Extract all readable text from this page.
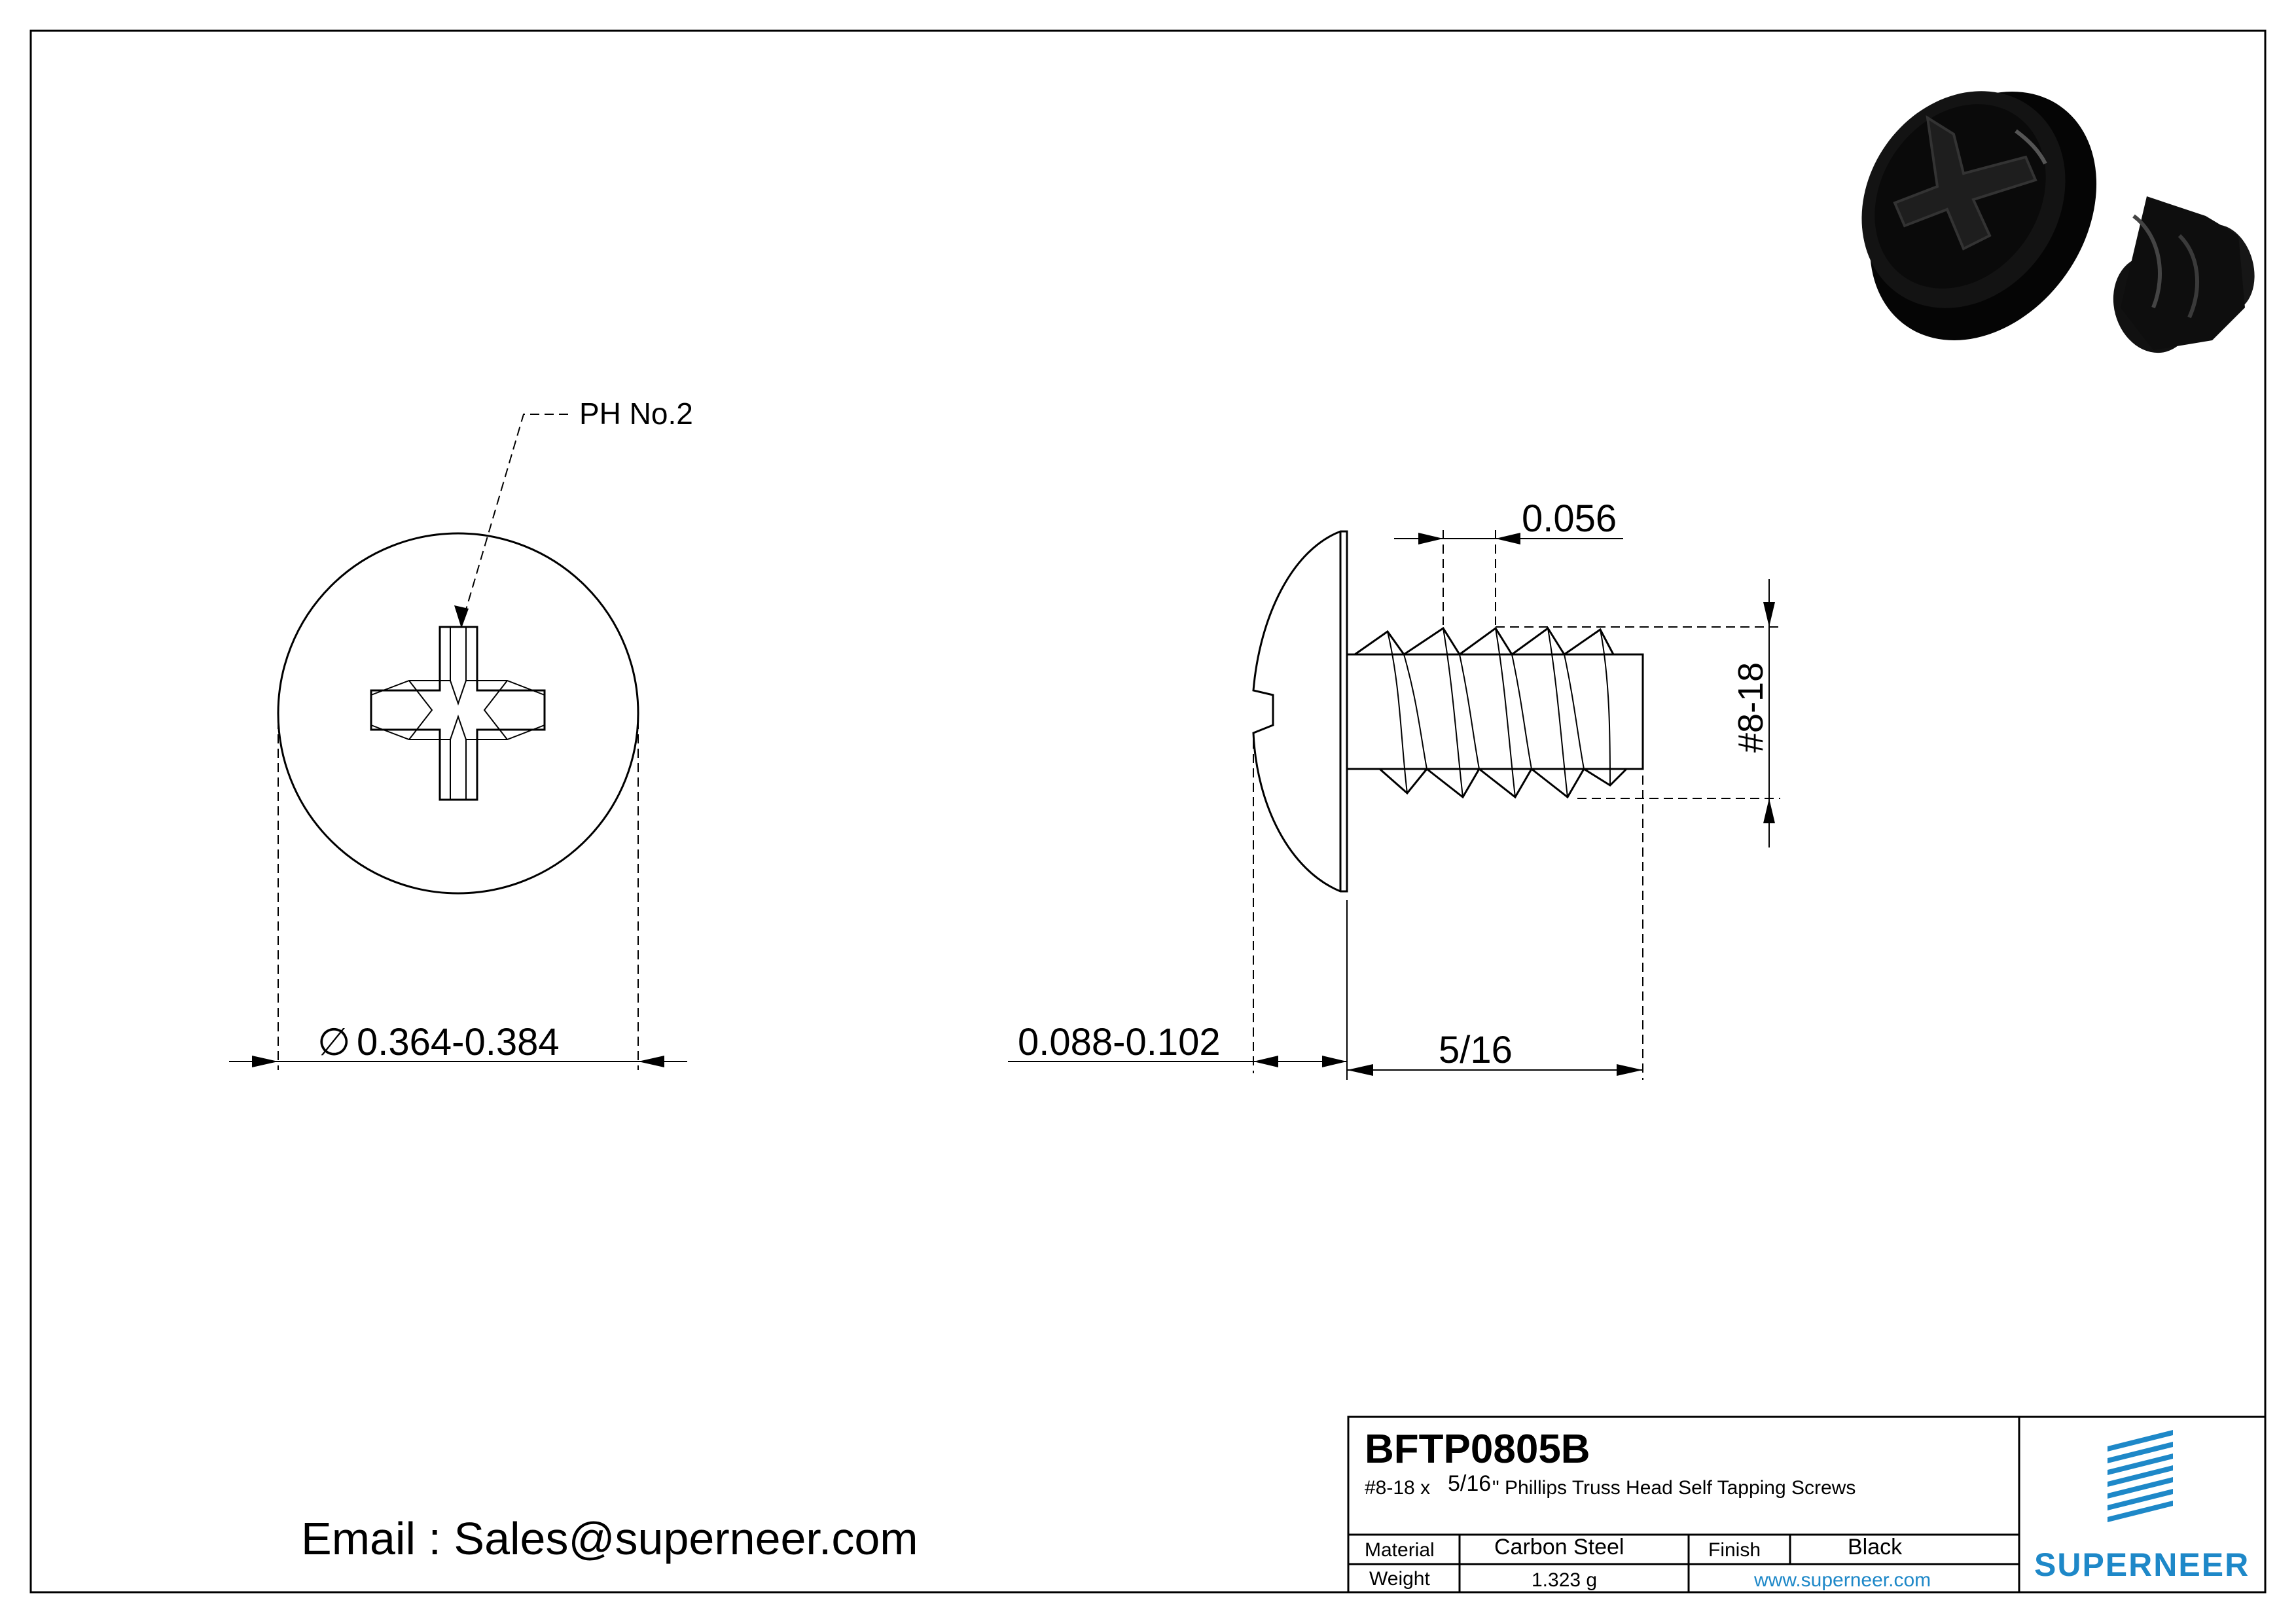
PH No.2
∅ 0.364-0.384
0.056
#8-18
0.088-0.102	5/16
Email : Sales@superneer.com
BFTP0805B
#8-18 x 5/16 " Phillips Truss Head Self Tapping Screws
Material	Carbon Steel	Finish	Black
Weight	1.323 g	www.superneer.com	SUPERNEER
